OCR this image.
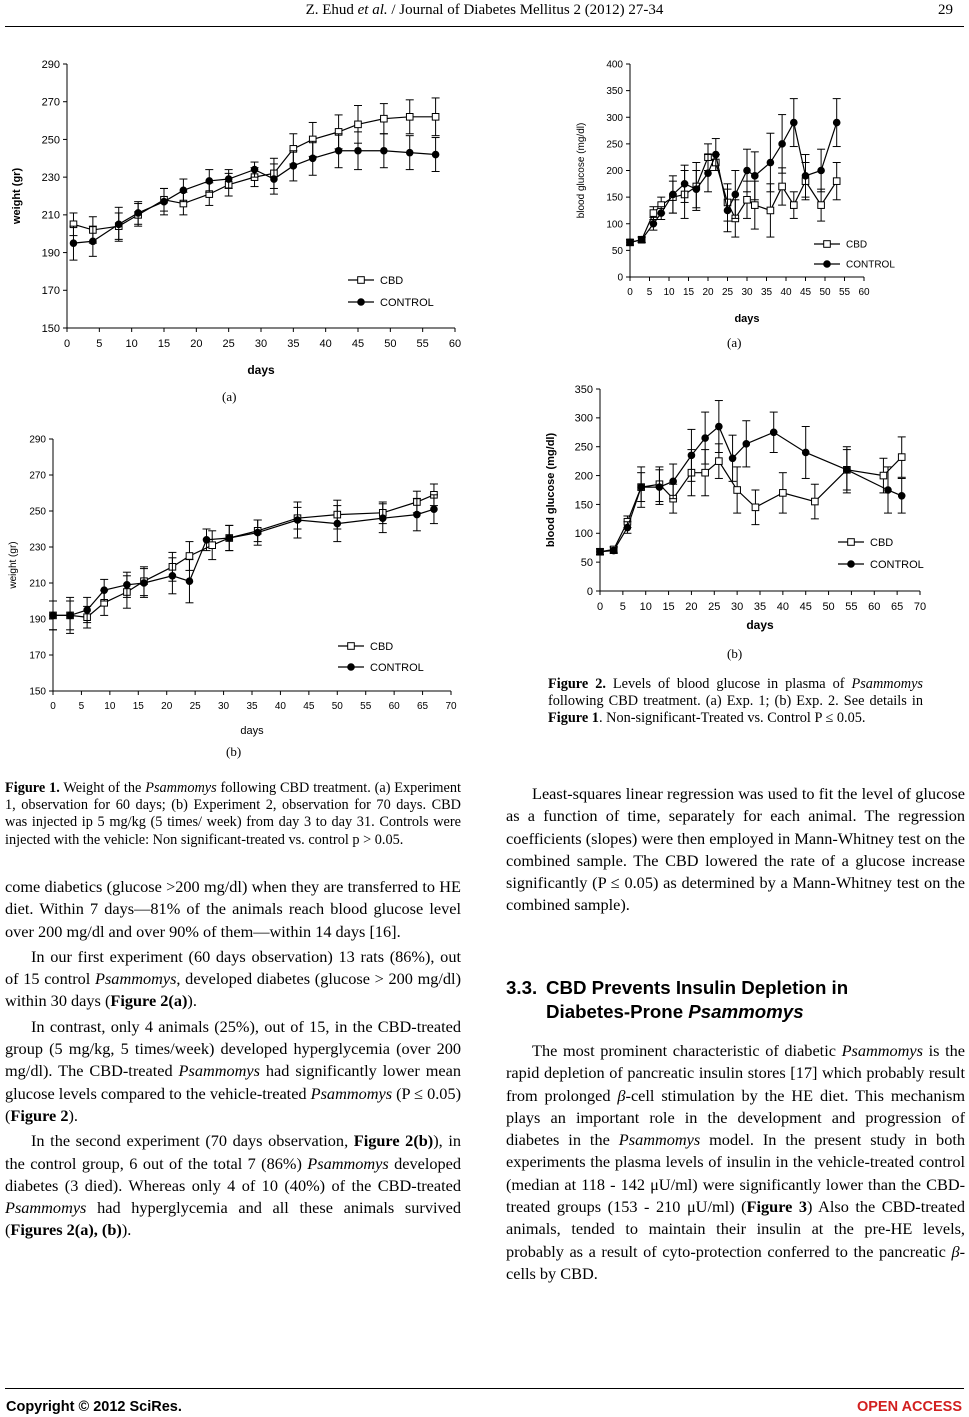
Z. Ehud et al. / Journal of Diabetes Mellitus 2 (2012) 27-34	29
150
170
190
210
230
250
270
290
0 5 10 15 20 25 30 35 40 45 50 55 60
days
weight (gr)
CBD
CONTROL
(a)
150
170
190
210
230
250
270
290
0 5 10 15 20 25 30 35 40 45 50 55 60 65 70
days
weight (gr)
CBD
CONTROL
(b)
0
50
100
150
200
250
300
350
400
0 5 10 15 20 25 30 35 40 45 50 55 60
days
blood glucose (mg/dl)
CBD
CONTROL
(a)
0
50
100
150
200
250
300
350
0 5 10 15 20 25 30 35 40 45 50 55 60 65 70
days
blood glucose (mg/dl)	CBD
CONTROL
(b)
Figure 2. Levels of blood glucose in plasma of Psammomys following CBD treatment. (a) Exp. 1; (b) Exp. 2. See details in Figure 1. Non-significant-Treated vs. Control P ≤ 0.05.
Figure 1. Weight of the Psammomys following CBD treatment. (a) Experiment 1, observation for 60 days; (b) Experiment 2, observation for 70 days. CBD was injected ip 5 mg/kg (5 times/ week) from day 3 to day 31. Controls were injected with the vehicle: Non significant-treated vs. control p > 0.05.

come diabetics (glucose >200 mg/dl) when they are transferred to HE diet. Within 7 days—81% of the animals reach blood glucose level over 200 mg/dl and over 90% of them—within 14 days [16].

In our first experiment (60 days observation) 13 rats (86%), out of 15 control Psammomys, developed diabetes (glucose > 200 mg/dl) within 30 days (Figure 2(a)).

In contrast, only 4 animals (25%), out of 15, in the CBD-treated group (5 mg/kg, 5 times/week) developed hyperglycemia (over 200 mg/dl). The CBD-treated Psammomys had significantly lower mean glucose levels compared to the vehicle-treated Psammomys (P ≤ 0.05) (Figure 2).

In the second experiment (70 days observation, Figure 2(b)), in the control group, 6 out of the total 7 (86%) Psammomys developed diabetes (3 died). Whereas only 4 of 10 (40%) of the CBD-treated Psammomys had hyperglycemia and all these animals survived (Figures 2(a), (b)).

Least-squares linear regression was used to fit the level of glucose as a function of time, separately for each animal. The regression coefficients (slopes) were then employed in Mann-Whitney test on the combined sample. The CBD lowered the rate of a glucose increase significantly (P ≤ 0.05) as determined by a Mann-Whitney test on the combined sample).

3.3. CBD Prevents Insulin Depletion in
Diabetes-Prone Psammomys

The most prominent characteristic of diabetic Psammomys is the rapid depletion of pancreatic insulin stores [17] which probably result from prolonged β-cell stimulation by the HE diet. This mechanism plays an important role in the development and progression of diabetes in the Psammomys model. In the present study in both experiments the plasma levels of insulin in the vehicle-treated control (median at 118 - 142 μU/ml) were significantly lower than the CBD-treated groups (153 - 210 μU/ml) (Figure 3) Also the CBD-treated animals, tended to maintain their insulin at the pre-HE levels, probably as a result of cyto-protection conferred to the pancreatic β-cells by CBD.

Copyright © 2012 SciRes.	OPEN ACCESS
